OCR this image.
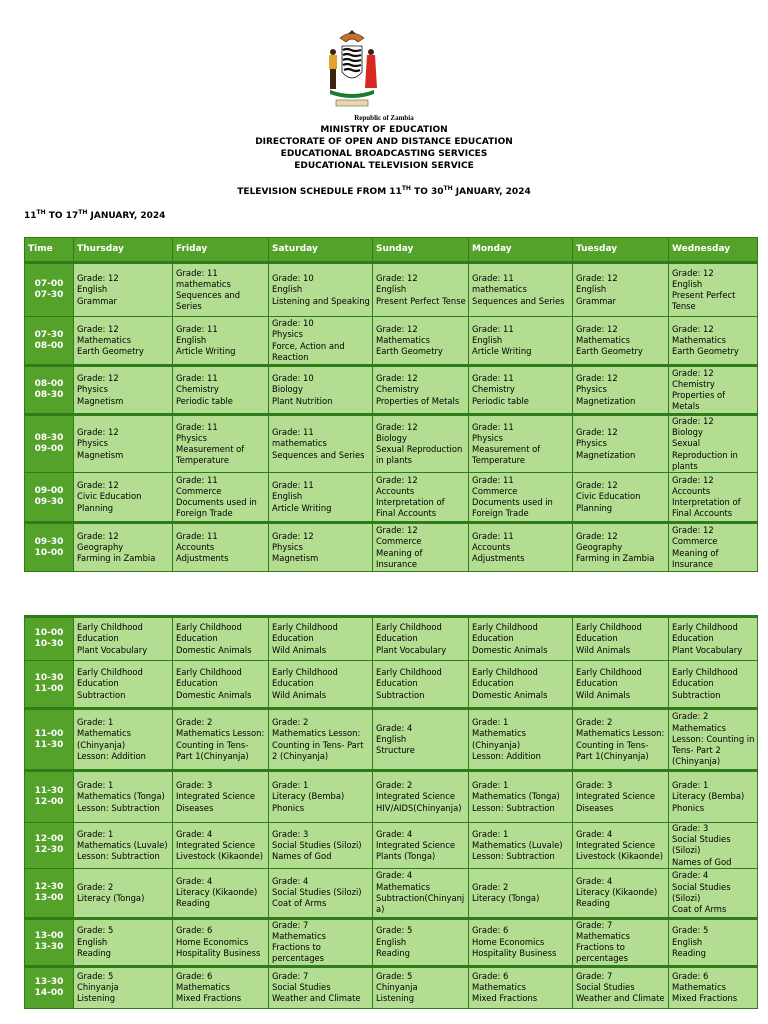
Republic of Zambia
MINISTRY OF EDUCATION
DIRECTORATE OF OPEN AND DISTANCE EDUCATION
EDUCATIONAL BROADCASTING SERVICES
EDUCATIONAL TELEVISION SERVICE
TELEVISION SCHEDULE FROM 11TH TO 30TH JANUARY, 2024
11TH TO 17TH JANUARY, 2024
Time	Thursday	Friday	Saturday	Sunday	Monday	Tuesday	Wednesday

07-00
07-30	Grade: 12
English
Grammar	Grade: 11
mathematics
Sequences and Series	Grade: 10
English
Listening and Speaking	Grade: 12
English
Present Perfect Tense	Grade: 11
mathematics
Sequences and Series	Grade: 12
English
Grammar	Grade: 12
English
Present Perfect Tense

07-30
08-00	Grade: 12
Mathematics
Earth Geometry	Grade: 11
English
Article Writing	Grade: 10
Physics
Force, Action and Reaction	Grade: 12
Mathematics
Earth Geometry	Grade: 11
English
Article Writing	Grade: 12
Mathematics
Earth Geometry	Grade: 12
Mathematics
Earth Geometry

08-00
08-30	Grade: 12
Physics
Magnetism	Grade: 11
Chemistry
Periodic table	Grade: 10
Biology
Plant Nutrition	Grade: 12
Chemistry
Properties of Metals	Grade: 11
Chemistry
Periodic table	Grade: 12
Physics
Magnetization	Grade: 12
Chemistry
Properties of Metals

08-30
09-00	Grade: 12
Physics
Magnetism	Grade: 11
Physics
Measurement of Temperature	Grade: 11
mathematics
Sequences and Series	Grade: 12
Biology
Sexual Reproduction in plants	Grade: 11
Physics
Measurement of Temperature	Grade: 12
Physics
Magnetization	Grade: 12
Biology
Sexual Reproduction in plants

09-00
09-30	Grade: 12
Civic Education
Planning	Grade: 11
Commerce
Documents used in Foreign Trade	Grade: 11
English
Article Writing	Grade: 12
Accounts
Interpretation of Final Accounts	Grade: 11
Commerce
Documents used in Foreign Trade	Grade: 12
Civic Education
Planning	Grade: 12
Accounts
Interpretation of Final Accounts

09-30
10-00	Grade: 12
Geography
Farming in Zambia	Grade: 11
Accounts
Adjustments	Grade: 12
Physics
Magnetism	Grade: 12
Commerce
Meaning of Insurance	Grade: 11
Accounts
Adjustments	Grade: 12
Geography
Farming in Zambia	Grade: 12
Commerce
Meaning of Insurance
10-00
10-30	Early Childhood
Education
Plant Vocabulary	Early Childhood
Education
Domestic Animals	Early Childhood
Education
Wild Animals	Early Childhood
Education
Plant Vocabulary	Early Childhood
Education
Domestic Animals	Early Childhood
Education
Wild Animals	Early Childhood
Education
Plant Vocabulary

10-30
11-00	Early Childhood
Education
Subtraction	Early Childhood
Education
Domestic Animals	Early Childhood
Education
Wild Animals	Early Childhood
Education
Subtraction	Early Childhood
Education
Domestic Animals	Early Childhood
Education
Wild Animals	Early Childhood
Education
Subtraction

11-00
11-30	Grade: 1
Mathematics
(Chinyanja)
Lesson: Addition	Grade: 2
Mathematics Lesson:
Counting in Tens-
Part 1(Chinyanja)	Grade: 2
Mathematics Lesson:
Counting in Tens- Part
2 (Chinyanja)	Grade: 4
English
Structure	Grade: 1
Mathematics
(Chinyanja)
Lesson: Addition	Grade: 2
Mathematics Lesson:
Counting in Tens-
Part 1(Chinyanja)	Grade: 2
Mathematics
Lesson: Counting in
Tens- Part 2
(Chinyanja)

11-30
12-00	Grade: 1
Mathematics (Tonga)
Lesson: Subtraction	Grade: 3
Integrated Science
Diseases	Grade: 1
Literacy (Bemba)
Phonics	Grade: 2
Integrated Science
HIV/AIDS(Chinyanja)	Grade: 1
Mathematics (Tonga)
Lesson: Subtraction	Grade: 3
Integrated Science
Diseases	Grade: 1
Literacy (Bemba)
Phonics

12-00
12-30	Grade: 1
Mathematics (Luvale)
Lesson: Subtraction	Grade: 4
Integrated Science
Livestock (Kikaonde)	Grade: 3
Social Studies (Silozi)
Names of God	Grade: 4
Integrated Science
Plants (Tonga)	Grade: 1
Mathematics (Luvale)
Lesson: Subtraction	Grade: 4
Integrated Science
Livestock (Kikaonde)	Grade: 3
Social Studies
(Silozi)
Names of God

12-30
13-00	Grade: 2
Literacy (Tonga)	Grade: 4
Literacy (Kikaonde)
Reading	Grade: 4
Social Studies (Silozi)
Coat of Arms	Grade: 4
Mathematics
Subtraction(Chinyanj
a)	Grade: 2
Literacy (Tonga)	Grade: 4
Literacy (Kikaonde)
Reading	Grade: 4
Social Studies
(Silozi)
Coat of Arms

13-00
13-30	Grade: 5
English
Reading	Grade: 6
Home Economics
Hospitality Business	Grade: 7
Mathematics
Fractions to
percentages	Grade: 5
English
Reading	Grade: 6
Home Economics
Hospitality Business	Grade: 7
Mathematics
Fractions to
percentages	Grade: 5
English
Reading

13-30
14-00	Grade: 5
Chinyanja
Listening	Grade: 6
Mathematics
Mixed Fractions	Grade: 7
Social Studies
Weather and Climate	Grade: 5
Chinyanja
Listening	Grade: 6
Mathematics
Mixed Fractions	Grade: 7
Social Studies
Weather and Climate	Grade: 6
Mathematics
Mixed Fractions
